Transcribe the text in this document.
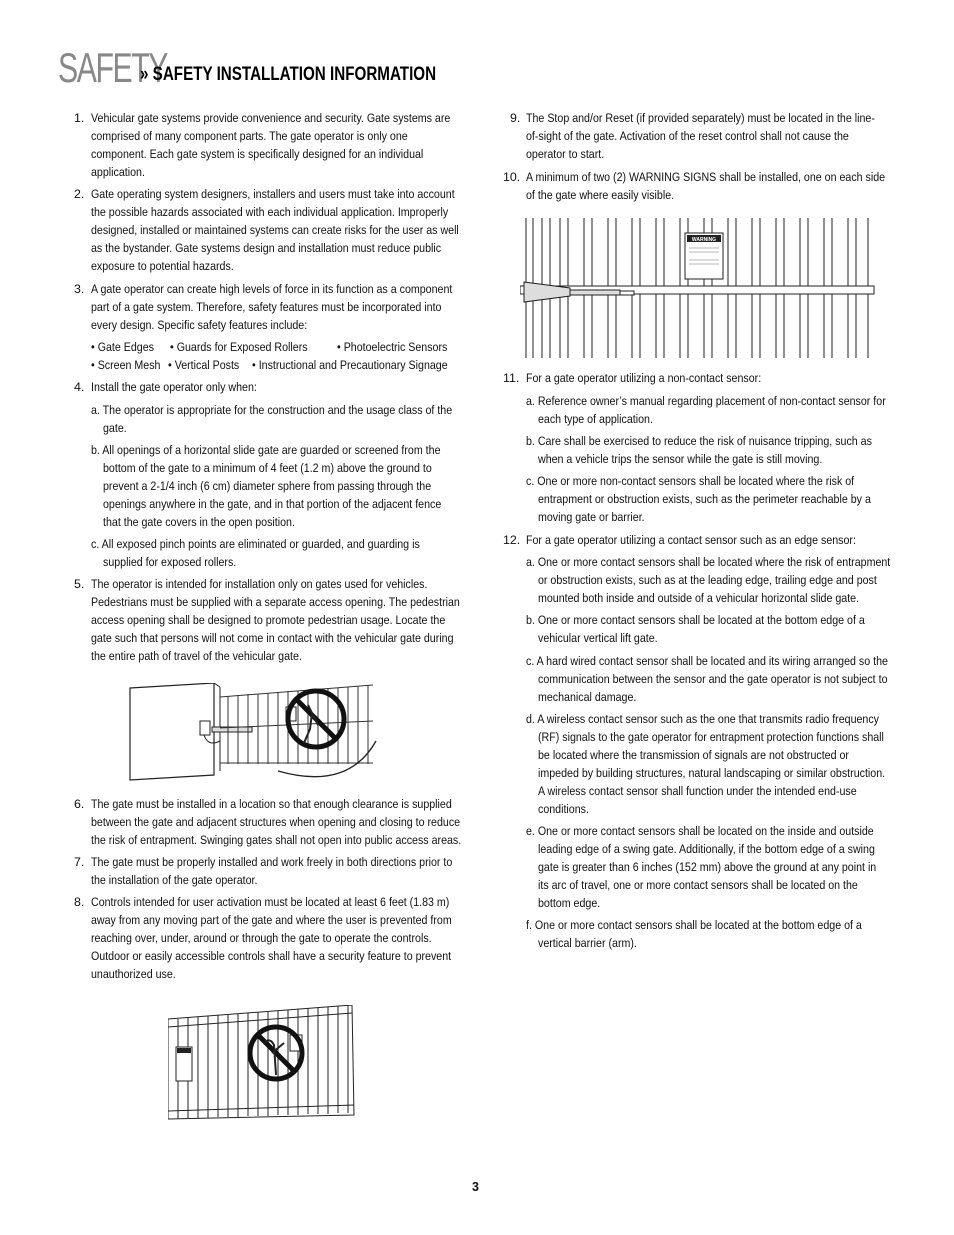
SAFETY
» SAFETY INSTALLATION INFORMATION
1. Vehicular gate systems provide convenience and security. Gate systems are
comprised of many component parts. The gate operator is only one
component. Each gate system is specifically designed for an individual
application.
2. Gate operating system designers, installers and users must take into account
the possible hazards associated with each individual application. Improperly
designed, installed or maintained systems can create risks for the user as well
as the bystander. Gate systems design and installation must reduce public
exposure to potential hazards.
3. A gate operator can create high levels of force in its function as a component
part of a gate system. Therefore, safety features must be incorporated into
every design. Specific safety features include:
• Gate Edges • Guards for Exposed Rollers • Photoelectric Sensors
• Screen Mesh • Vertical Posts • Instructional and Precautionary Signage
4. Install the gate operator only when:
a. The operator is appropriate for the construction and the usage class of the
gate.
b. All openings of a horizontal slide gate are guarded or screened from the
bottom of the gate to a minimum of 4 feet (1.2 m) above the ground to
prevent a 2-1/4 inch (6 cm) diameter sphere from passing through the
openings anywhere in the gate, and in that portion of the adjacent fence
that the gate covers in the open position.
c. All exposed pinch points are eliminated or guarded, and guarding is
supplied for exposed rollers.
5. The operator is intended for installation only on gates used for vehicles.
Pedestrians must be supplied with a separate access opening. The pedestrian
access opening shall be designed to promote pedestrian usage. Locate the
gate such that persons will not come in contact with the vehicular gate during
the entire path of travel of the vehicular gate.
6. The gate must be installed in a location so that enough clearance is supplied
between the gate and adjacent structures when opening and closing to reduce
the risk of entrapment. Swinging gates shall not open into public access areas.
7. The gate must be properly installed and work freely in both directions prior to
the installation of the gate operator.
8. Controls intended for user activation must be located at least 6 feet (1.83 m)
away from any moving part of the gate and where the user is prevented from
reaching over, under, around or through the gate to operate the controls.
Outdoor or easily accessible controls shall have a security feature to prevent
unauthorized use.
9. The Stop and/or Reset (if provided separately) must be located in the line-
of-sight of the gate. Activation of the reset control shall not cause the
operator to start.
10. A minimum of two (2) WARNING SIGNS shall be installed, one on each side
of the gate where easily visible.
11. For a gate operator utilizing a non-contact sensor:
a. Reference owner’s manual regarding placement of non-contact sensor for
each type of application.
b. Care shall be exercised to reduce the risk of nuisance tripping, such as
when a vehicle trips the sensor while the gate is still moving.
c. One or more non-contact sensors shall be located where the risk of
entrapment or obstruction exists, such as the perimeter reachable by a
moving gate or barrier.
12. For a gate operator utilizing a contact sensor such as an edge sensor:
a. One or more contact sensors shall be located where the risk of entrapment
or obstruction exists, such as at the leading edge, trailing edge and post
mounted both inside and outside of a vehicular horizontal slide gate.
b. One or more contact sensors shall be located at the bottom edge of a
vehicular vertical lift gate.
c. A hard wired contact sensor shall be located and its wiring arranged so the
communication between the sensor and the gate operator is not subject to
mechanical damage.
d. A wireless contact sensor such as the one that transmits radio frequency
(RF) signals to the gate operator for entrapment protection functions shall
be located where the transmission of signals are not obstructed or
impeded by building structures, natural landscaping or similar obstruction.
A wireless contact sensor shall function under the intended end-use
conditions.
e. One or more contact sensors shall be located on the inside and outside
leading edge of a swing gate. Additionally, if the bottom edge of a swing
gate is greater than 6 inches (152 mm) above the ground at any point in
its arc of travel, one or more contact sensors shall be located on the
bottom edge.
f. One or more contact sensors shall be located at the bottom edge of a
vertical barrier (arm).
WARNING
3
